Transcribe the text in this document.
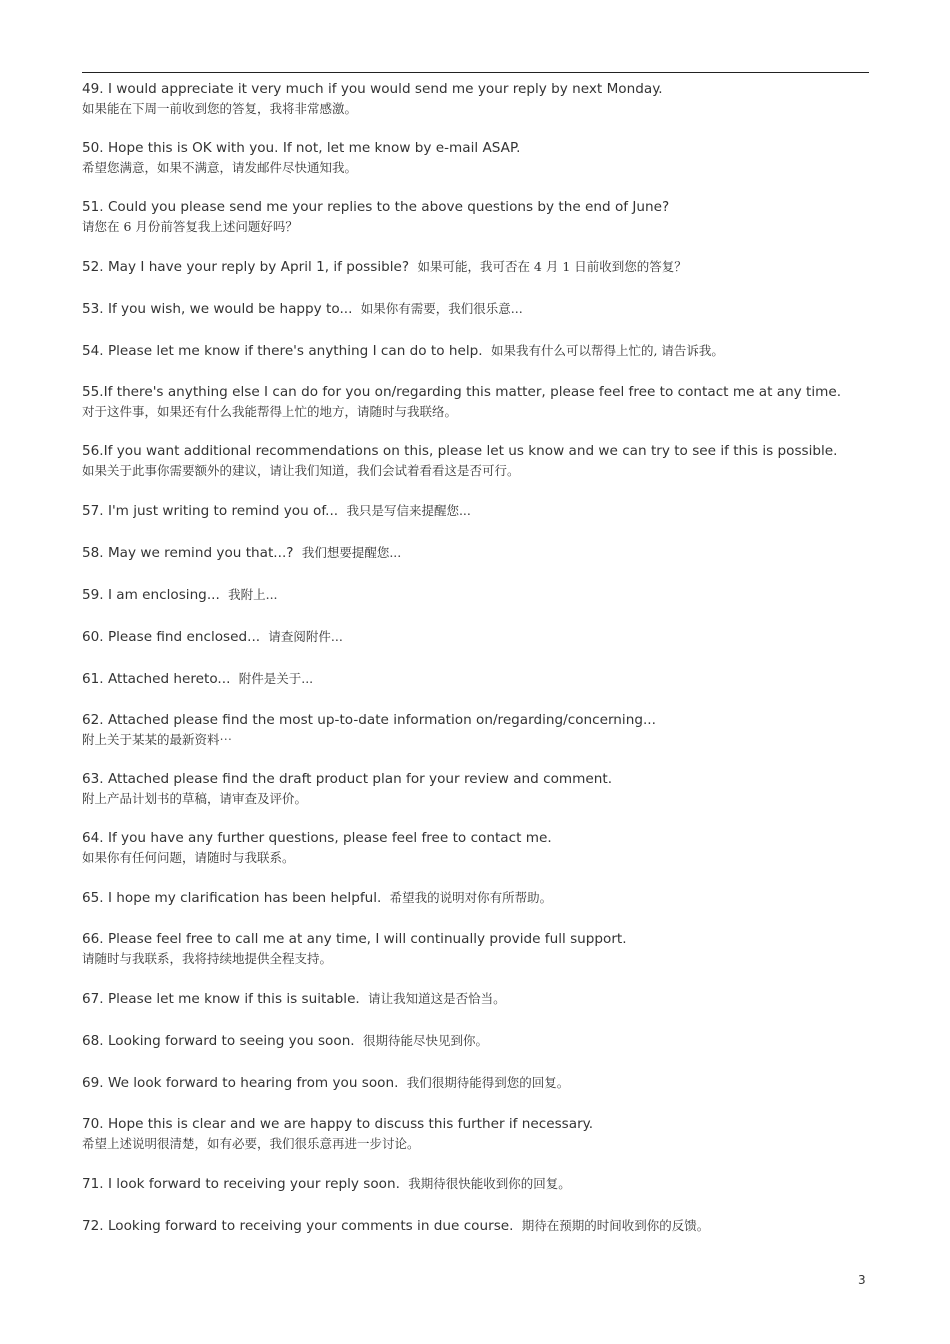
49. I would appreciate it very much if you would send me your reply by next Monday.
如果能在下周一前收到您的答复，我将非常感激。
50. Hope this is OK with you. If not, let me know by e-mail ASAP.
希望您满意，如果不满意，请发邮件尽快通知我。
51. Could you please send me your replies to the above questions by the end of June?
请您在 6 月份前答复我上述问题好吗？
52. May I have your reply by April 1, if possible? 如果可能，我可否在 4 月 1 日前收到您的答复？
53. If you wish, we would be happy to... 如果你有需要，我们很乐意...
54. Please let me know if there's anything I can do to help. 如果我有什么可以帮得上忙的, 请告诉我。
55.If there's anything else I can do for you on/regarding this matter, please feel free to contact me at any time.
对于这件事，如果还有什么我能帮得上忙的地方，请随时与我联络。
56.If you want additional recommendations on this, please let us know and we can try to see if this is possible.
如果关于此事你需要额外的建议，请让我们知道，我们会试着看看这是否可行。
57. I'm just writing to remind you of... 我只是写信来提醒您...
58. May we remind you that...? 我们想要提醒您...
59. I am enclosing... 我附上...
60. Please find enclosed... 请查阅附件...
61. Attached hereto... 附件是关于...
62. Attached please find the most up-to-date information on/regarding/concerning...
附上关于某某的最新资料⋯
63. Attached please find the draft product plan for your review and comment.
附上产品计划书的草稿，请审查及评价。
64. If you have any further questions, please feel free to contact me.
如果你有任何问题，请随时与我联系。
65. I hope my clarification has been helpful. 希望我的说明对你有所帮助。
66. Please feel free to call me at any time, I will continually provide full support.
请随时与我联系，我将持续地提供全程支持。
67. Please let me know if this is suitable. 请让我知道这是否恰当。
68. Looking forward to seeing you soon. 很期待能尽快见到你。
69. We look forward to hearing from you soon. 我们很期待能得到您的回复。
70. Hope this is clear and we are happy to discuss this further if necessary.
希望上述说明很清楚，如有必要，我们很乐意再进一步讨论。
71. I look forward to receiving your reply soon. 我期待很快能收到你的回复。
72. Looking forward to receiving your comments in due course. 期待在预期的时间收到你的反馈。
3
